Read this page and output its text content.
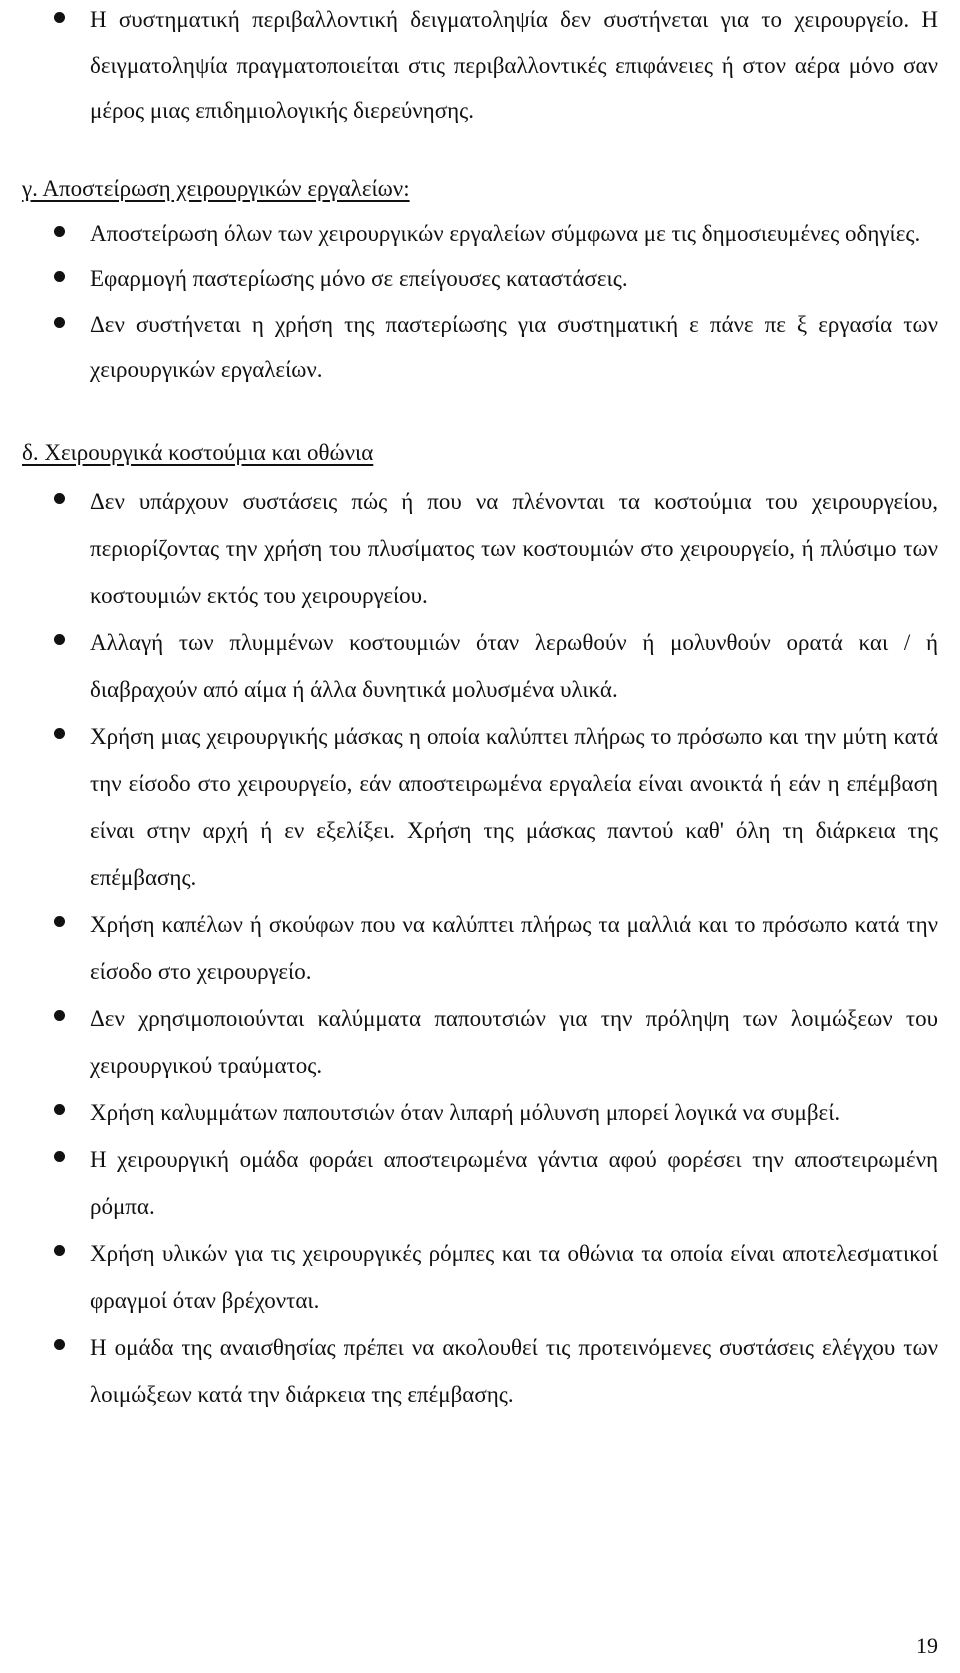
Η συστηματική περιβαλλοντική δειγματοληψία δεν συστήνεται για το χειρουργείο. Η δειγματοληψία πραγματοποιείται στις περιβαλλοντικές επιφάνειες ή στον αέρα μόνο σαν μέρος μιας επιδημιολογικής διερεύνησης.
γ. Αποστείρωση χειρουργικών εργαλείων:
Αποστείρωση όλων των χειρουργικών εργαλείων σύμφωνα με τις δημοσιευμένες οδηγίες.
Εφαρμογή παστερίωσης μόνο σε επείγουσες καταστάσεις.
Δεν συστήνεται η χρήση της παστερίωσης για συστηματική ε πάνε πε ξ εργασία των χειρουργικών εργαλείων.
δ. Χειρουργικά κοστούμια και οθώνια
Δεν υπάρχουν συστάσεις πώς ή που να πλένονται τα κοστούμια του χειρουργείου, περιορίζοντας την χρήση του πλυσίματος των κοστουμιών στο χειρουργείο, ή πλύσιμο των κοστουμιών εκτός του χειρουργείου.
Αλλαγή των πλυμμένων κοστουμιών όταν λερωθούν ή μολυνθούν ορατά και / ή διαβραχούν από αίμα ή άλλα δυνητικά μολυσμένα υλικά.
Χρήση μιας χειρουργικής μάσκας η οποία καλύπτει πλήρως το πρόσωπο και την μύτη κατά την είσοδο στο χειρουργείο, εάν αποστειρωμένα εργαλεία είναι ανοικτά ή εάν η επέμβαση είναι στην αρχή ή εν εξελίξει. Χρήση της μάσκας παντού καθ' όλη τη διάρκεια της επέμβασης.
Χρήση καπέλων ή σκούφων που να καλύπτει πλήρως τα μαλλιά και το πρόσωπο κατά την είσοδο στο χειρουργείο.
Δεν χρησιμοποιούνται καλύμματα παπουτσιών για την πρόληψη των λοιμώξεων του χειρουργικού τραύματος.
Χρήση καλυμμάτων παπουτσιών όταν λιπαρή μόλυνση μπορεί λογικά να συμβεί.
Η χειρουργική ομάδα φοράει αποστειρωμένα γάντια αφού φορέσει την αποστειρωμένη ρόμπα.
Χρήση υλικών για τις χειρουργικές ρόμπες και τα οθώνια τα οποία είναι αποτελεσματικοί φραγμοί όταν βρέχονται.
Η ομάδα της αναισθησίας πρέπει να ακολουθεί τις προτεινόμενες συστάσεις ελέγχου των λοιμώξεων κατά την διάρκεια της επέμβασης.
19
